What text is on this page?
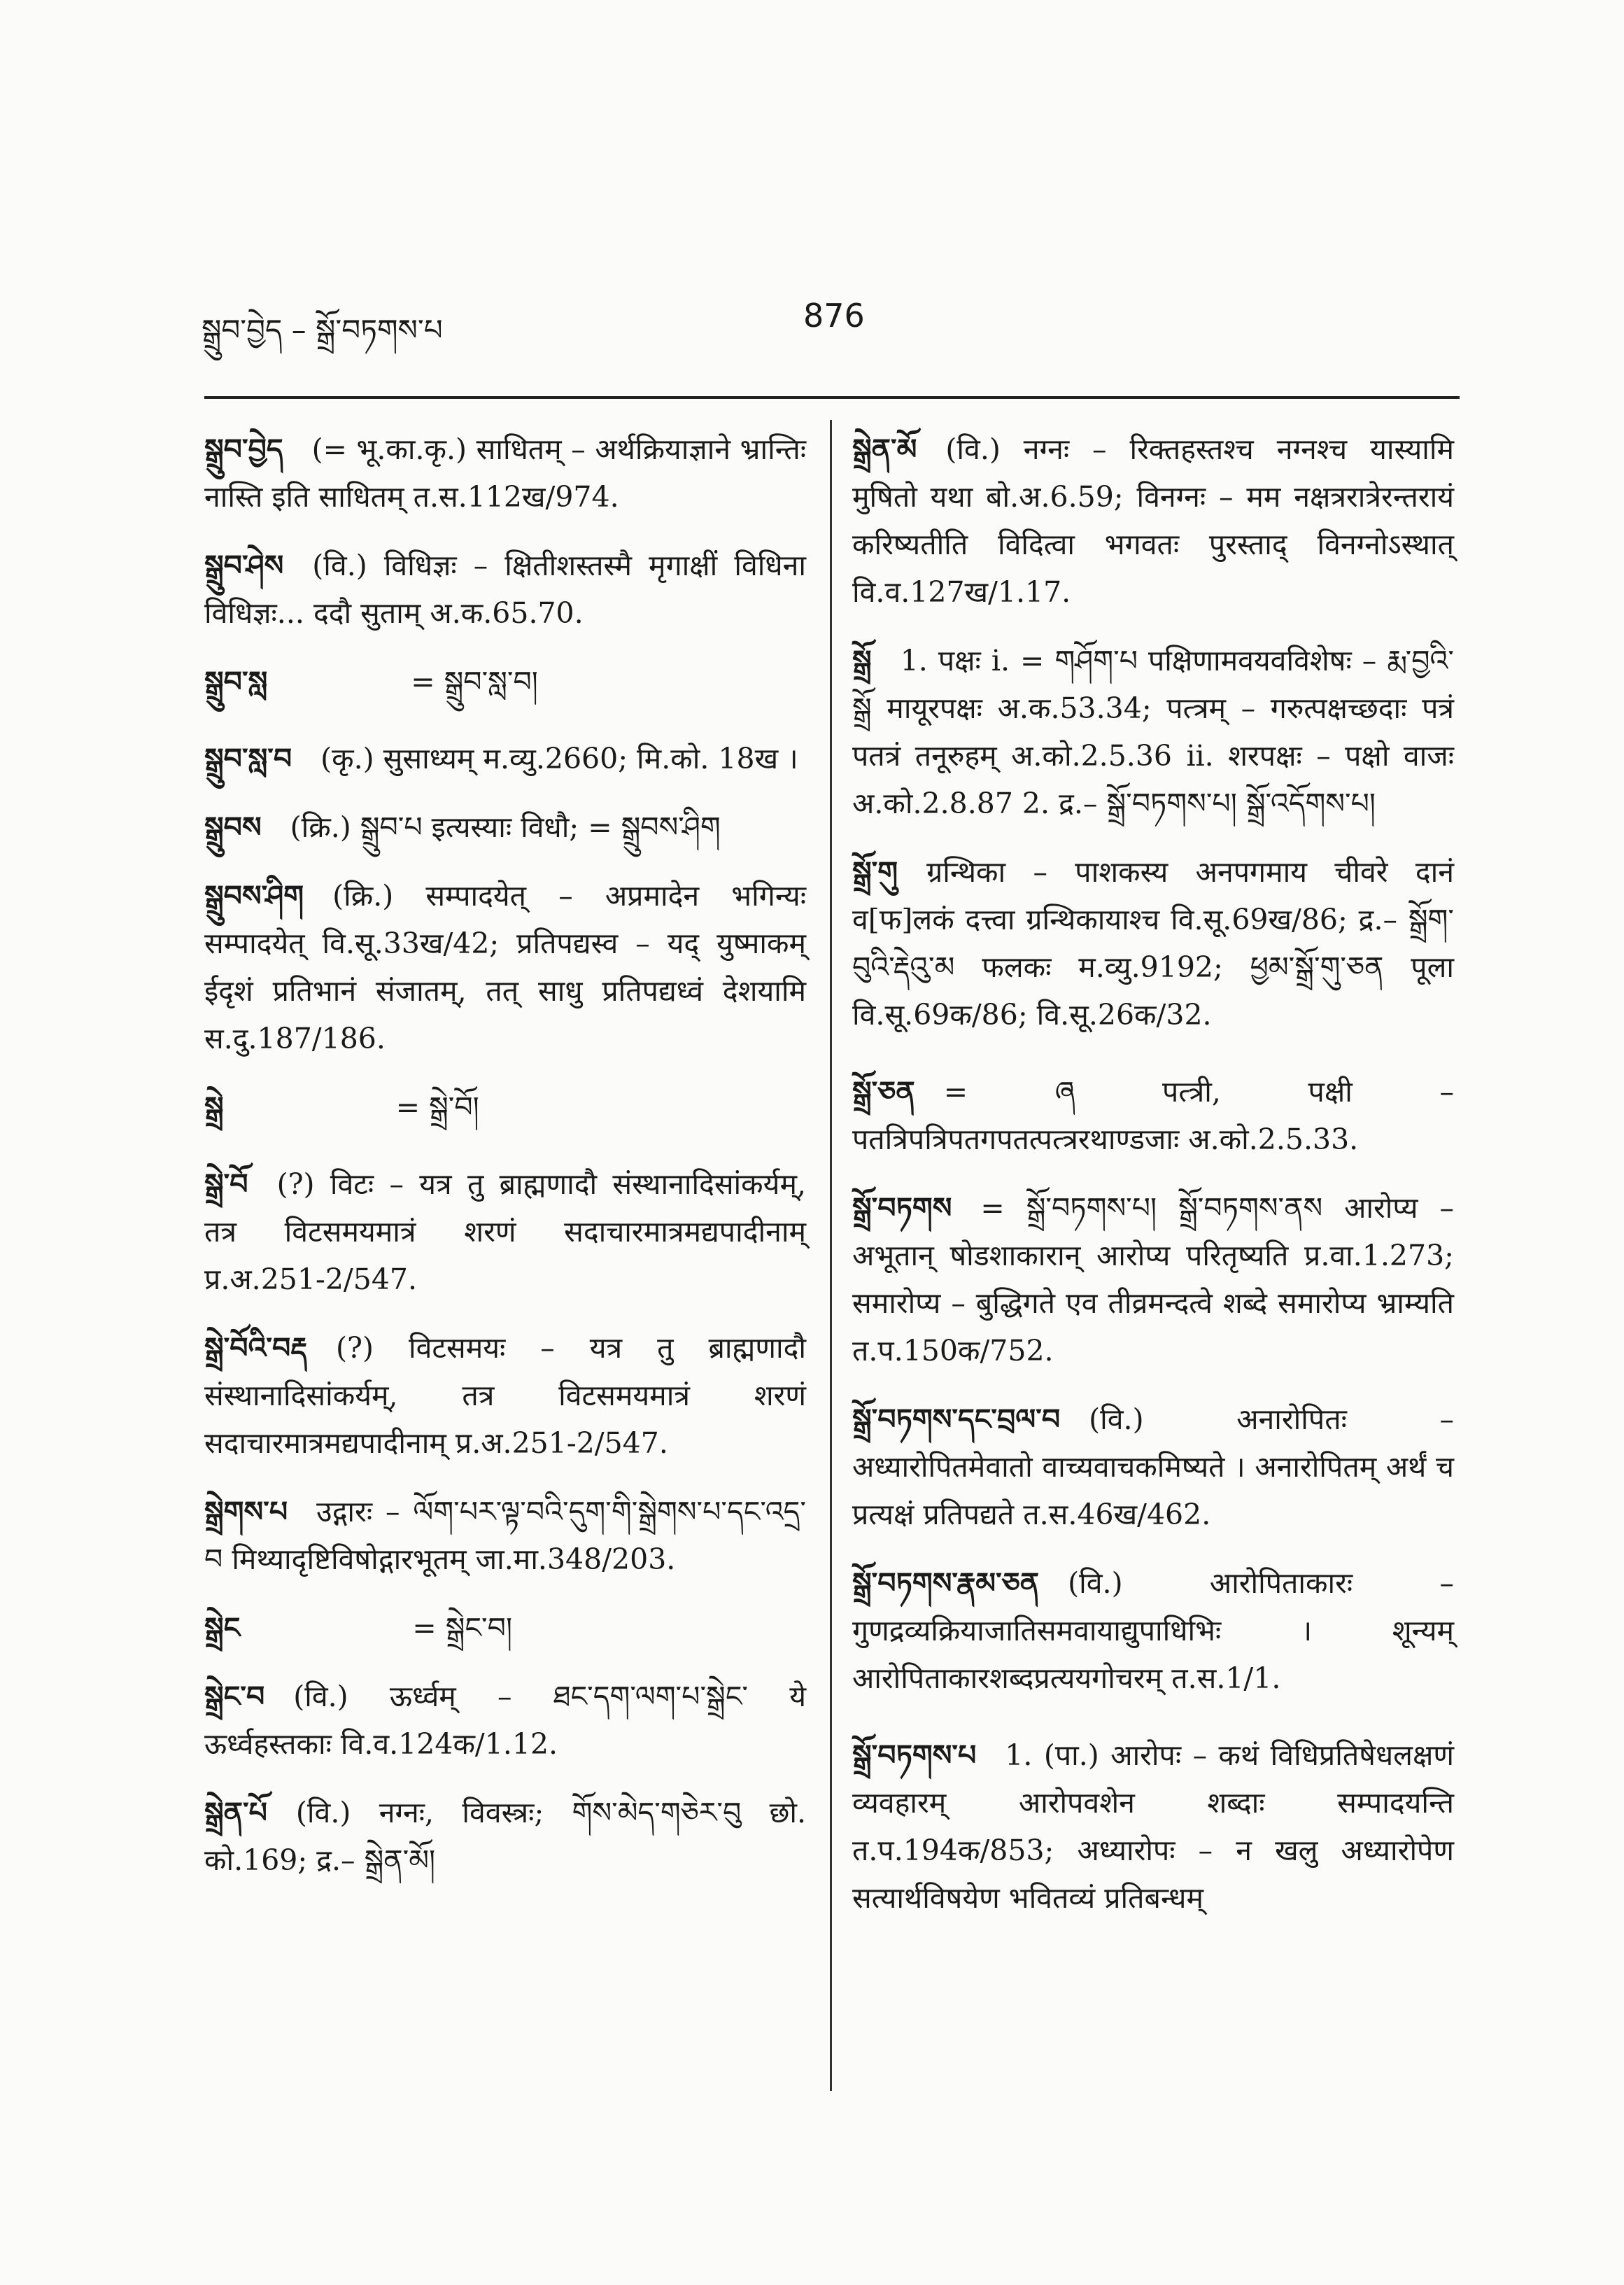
སྒྲུབ་བྱེད – སྒྲོ་བཏགས་པ	876

སྒྲུབ་བྱེད  (= भू.का.कृ.) साधितम् – अर्थक्रियाज्ञाने भ्रान्तिः नास्ति इति साधितम् त.स.112ख/974.

སྒྲུབ་ཤེས  (वि.) विधिज्ञः – क्षितीशस्तस्मै मृगाक्षीं विधिना विधिज्ञः... ददौ सुताम् अ.क.65.70.

སྒྲུབ་སླ     	= སྒྲུབ་སླ་བ།

སྒྲུབ་སླ་བ  (कृ.) सुसाध्यम् म.व्यु.2660; मि.को. 18ख ।

སྒྲུབས  (क्रि.) སྒྲུབ་པ इत्यस्याः विधौ; = སྒྲུབས་ཤིག

སྒྲུབས་ཤིག  (क्रि.) सम्पादयेत् – अप्रमादेन भगिन्यः सम्पादयेत् वि.सू.33ख/42; प्रतिपद्यस्व – यद् युष्माकम् ईदृशं प्रतिभानं संजातम्, तत् साधु प्रतिपद्यध्वं देशयामि स.दु.187/186.

སྒྲེ      	= སྒྲེ་བོ།

སྒྲེ་བོ  (?) विटः – यत्र तु ब्राह्मणादौ संस्थानादिसांकर्यम्, तत्र विटसमयमात्रं शरणं सदाचारमात्रमद्यपादीनाम् प्र.अ.251-2/547.

སྒྲེ་བོའི་བརྡ  (?) विटसमयः – यत्र तु ब्राह्मणादौ संस्थानादिसांकर्यम्, तत्र विटसमयमात्रं शरणं सदाचारमात्रमद्यपादीनाम् प्र.अ.251-2/547.

སྒྲེགས་པ  उद्गारः – ལོག་པར་ལྟ་བའི་དུག་གི་སྒྲེགས་པ་དང་འདྲ་བ मिथ्यादृष्टिविषोद्गारभूतम् जा.मा.348/203.

སྒྲེང      	= སྒྲེང་བ།

སྒྲེང་བ  (वि.) ऊर्ध्वम् – ཐང་དག་ལག་པ་སྒྲེང་ ये ऊर्ध्वहस्तकाः वि.व.124क/1.12.

སྒྲེན་པོ  (वि.) नग्नः, विवस्त्रः; གོས་མེད་གཅེར་བུ छो. को.169; द्र.– སྒྲེན་མོ།

སྒྲེན་མོ  (वि.) नग्नः – रिक्तहस्तश्च नग्नश्च यास्यामि मुषितो यथा बो.अ.6.59; विनग्नः – मम नक्षत्ररात्रेरन्तरायं करिष्यतीति विदित्वा भगवतः पुरस्ताद् विनग्नोऽस्थात् वि.व.127ख/1.17.

སྒྲོ  1. पक्षः i. = གཤོག་པ पक्षिणामवयवविशेषः – རྨ་བྱའི་སྒྲོ मायूरपक्षः अ.क.53.34; पत्त्रम् – गरुत्पक्षच्छदाः पत्रं पतत्रं तनूरुहम् अ.को.2.5.36 ii. शरपक्षः – पक्षो वाजः अ.को.2.8.87 2. द्र.– སྒྲོ་བཏགས་པ། སྒྲོ་འདོགས་པ།

སྒྲོ་གུ  ग्रन्थिका – पाशकस्य अनपगमाय चीवरे दानं व[फ]लकं दत्त्वा ग्रन्थिकायाश्च वि.सू.69ख/86; द्र.– སྒྲོག་བུའི་རྡེའུ་མ फलकः म.व्यु.9192; ཕྱམ་སྒྲོ་གུ་ཅན पूला वि.सू.69क/86; वि.सू.26क/32.

སྒྲོ་ཅན  = ཞ पत्त्री, पक्षी – पतत्रिपत्रिपतगपतत्पत्त्ररथाण्डजाः अ.को.2.5.33.

སྒྲོ་བཏགས  = སྒྲོ་བཏགས་པ། སྒྲོ་བཏགས་ནས आरोप्य – अभूतान् षोडशाकारान् आरोप्य परितृष्यति प्र.वा.1.273; समारोप्य – बुद्धिगते एव तीव्रमन्दत्वे शब्दे समारोप्य भ्राम्यति त.प.150क/752.

སྒྲོ་བཏགས་དང་བྲལ་བ  (वि.) अनारोपितः – अध्यारोपितमेवातो वाच्यवाचकमिष्यते । अनारोपितम् अर्थं च प्रत्यक्षं प्रतिपद्यते त.स.46ख/462.

སྒྲོ་བཏགས་རྣམ་ཅན  (वि.) आरोपिताकारः – गुणद्रव्यक्रियाजातिसमवायाद्युपाधिभिः । शून्यम् आरोपिताकारशब्दप्रत्ययगोचरम् त.स.1/1.

སྒྲོ་བཏགས་པ  1. (पा.) आरोपः – कथं विधिप्रतिषेधलक्षणं व्यवहारम् आरोपवशेन शब्दाः सम्पादयन्ति त.प.194क/853; अध्यारोपः – न खलु अध्यारोपेण सत्यार्थविषयेण भवितव्यं प्रतिबन्धम्
